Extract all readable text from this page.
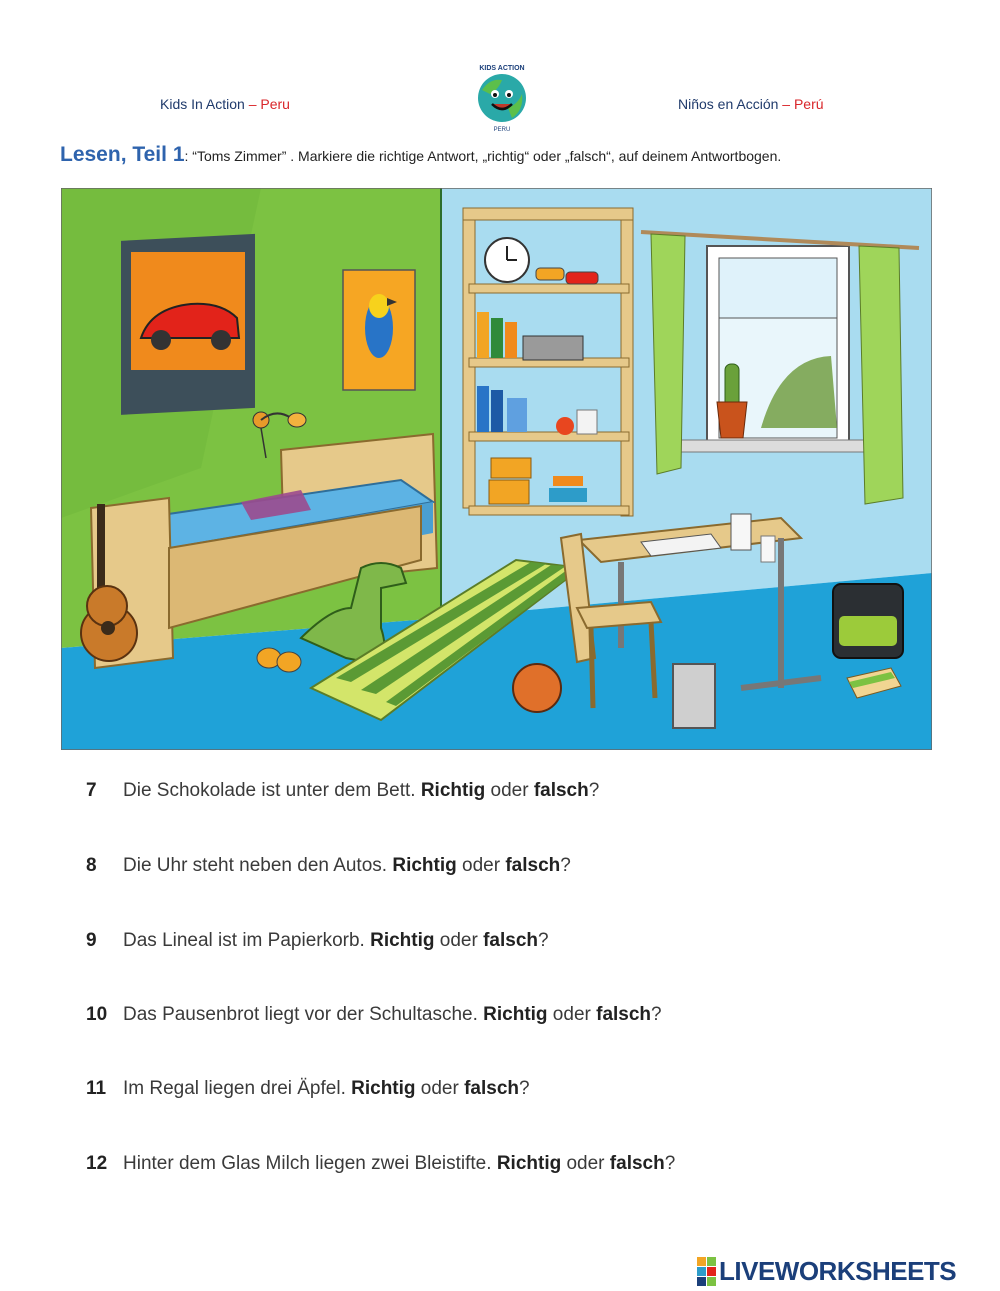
Kids In Action – Peru
KIDS ACTION
PERU
Niños en Acción – Perú
Lesen, Teil 1: “Toms Zimmer” . Markiere die richtige Antwort, „richtig“ oder „falsch“, auf deinem Antwortbogen.
7 Die Schokolade ist unter dem Bett. Richtig oder falsch?
8 Die Uhr steht neben den Autos. Richtig oder falsch?
9 Das Lineal ist im Papierkorb. Richtig oder falsch?
10 Das Pausenbrot liegt vor der Schultasche. Richtig oder falsch?
11 Im Regal liegen drei Äpfel. Richtig oder falsch?
12 Hinter dem Glas Milch liegen zwei Bleistifte. Richtig oder falsch?
LIVEWORKSHEETS
